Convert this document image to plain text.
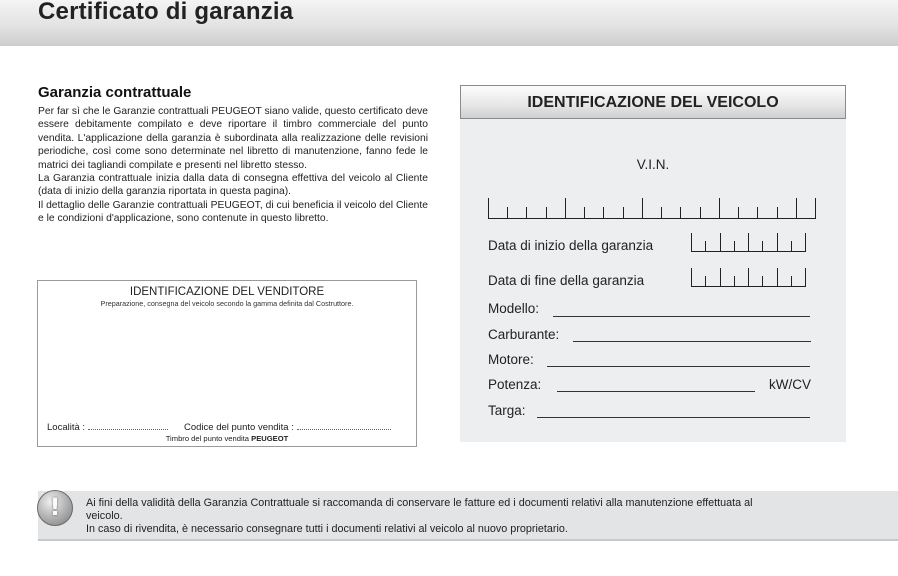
Certificato di garanzia
Garanzia contrattuale

Per far sì che le Garanzie contrattuali PEUGEOT siano valide, questo certificato deve essere debitamente compilato e deve riportare il timbro commerciale del punto vendita. L'applicazione della garanzia è subordinata alla realizzazione delle revisioni periodiche, così come sono determinate nel libretto di manutenzione, fanno fede le matrici dei tagliandi compilate e presenti nel libretto stesso.

La Garanzia contrattuale inizia dalla data di consegna effettiva del veicolo al Cliente (data di inizio della garanzia riportata in questa pagina).

Il dettaglio delle Garanzie contrattuali PEUGEOT, di cui beneficia il veicolo del Cliente e le condizioni d'applicazione, sono contenute in questo libretto.

IDENTIFICAZIONE DEL VENDITORE
Preparazione, consegna del veicolo secondo la gamma definita dal Costruttore.
Località :	Codice del punto vendita :
Timbro del punto vendita PEUGEOT
IDENTIFICAZIONE DEL VEICOLO
V.I.N.
Data di inizio della garanzia
Data di fine della garanzia
Modello:
Carburante:
Motore:
Potenza:	kW/CV
Targa:
!	Ai fini della validità della Garanzia Contrattuale si raccomanda di conservare le fatture ed i documenti relativi alla manutenzione effettuata al veicolo.

In caso di rivendita, è necessario consegnare tutti i documenti relativi al veicolo al nuovo proprietario.
